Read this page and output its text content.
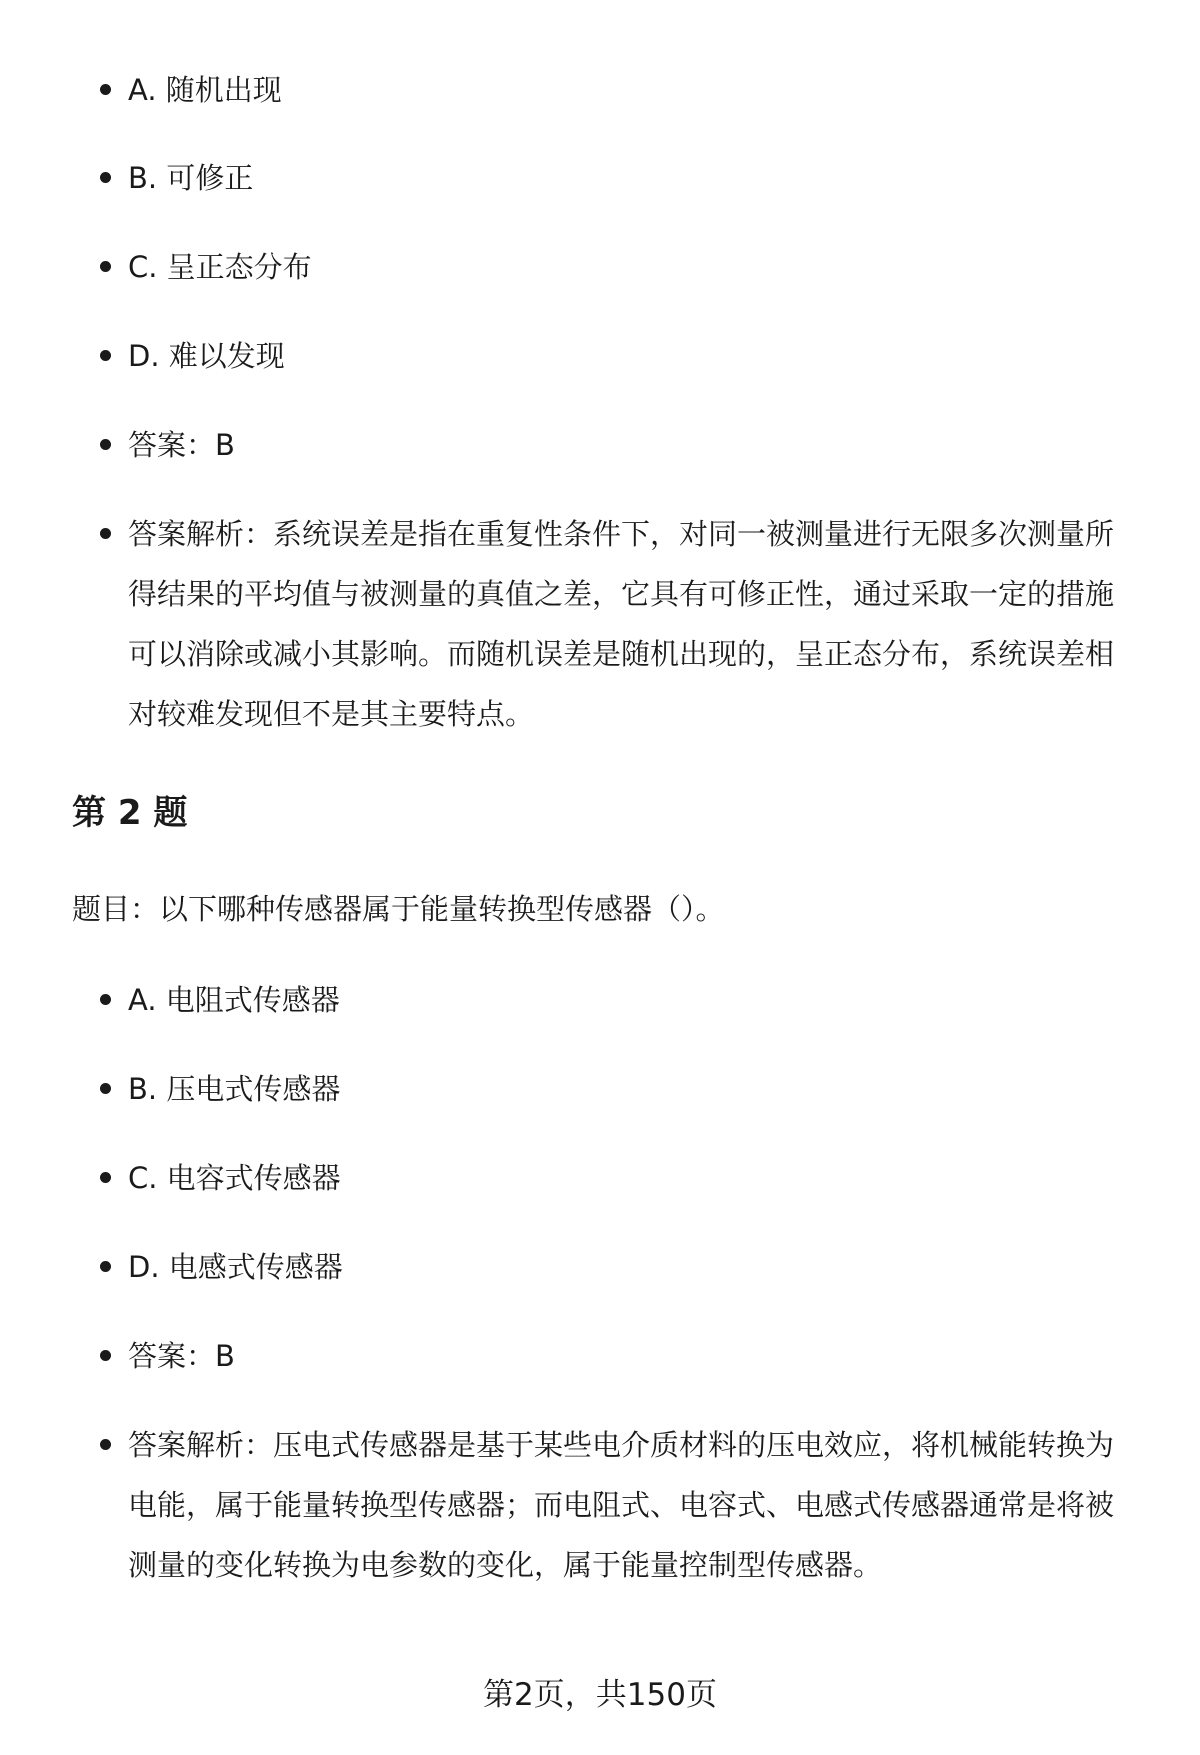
A. 随机出现
B. 可修正
C. 呈正态分布
D. 难以发现
答案：B
答案解析：系统误差是指在重复性条件下，对同一被测量进行无限多次测量所得结果的平均值与被测量的真值之差，它具有可修正性，通过采取一定的措施可以消除或减小其影响。而随机误差是随机出现的，呈正态分布，系统误差相对较难发现但不是其主要特点。
第 2 题

题目：以下哪种传感器属于能量转换型传感器（）。

A. 电阻式传感器
B. 压电式传感器
C. 电容式传感器
D. 电感式传感器
答案：B
答案解析：压电式传感器是基于某些电介质材料的压电效应，将机械能转换为电能，属于能量转换型传感器；而电阻式、电容式、电感式传感器通常是将被测量的变化转换为电参数的变化，属于能量控制型传感器。
第2页，共150页
